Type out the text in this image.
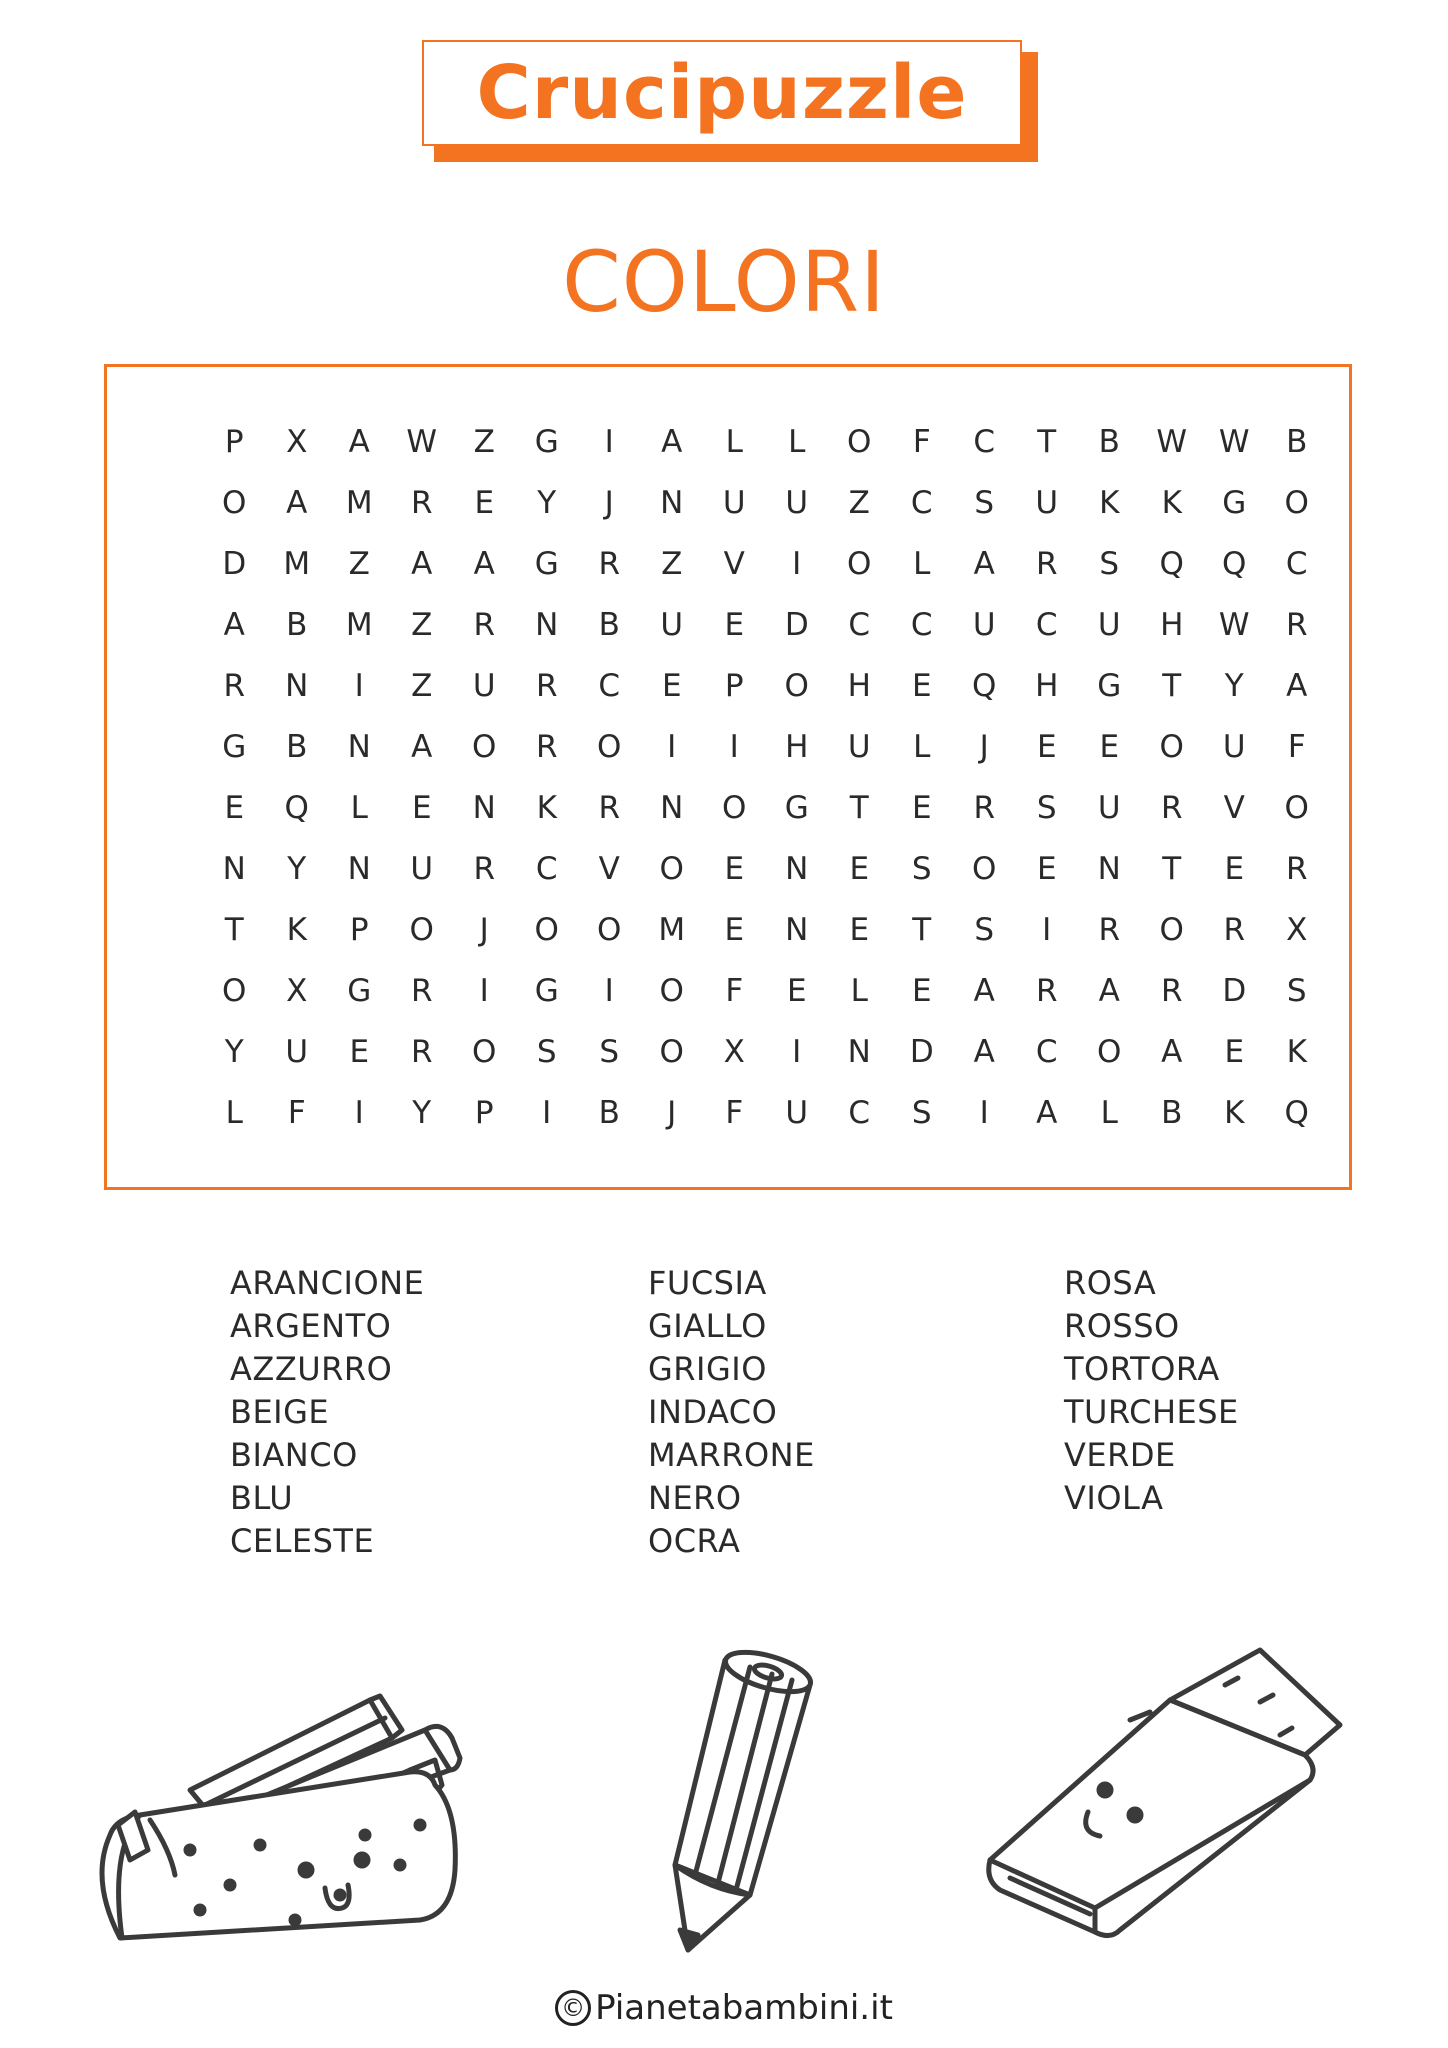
Crucipuzzle
COLORI
P	X	A	W	Z	G	I	A	L	L	O	F	C	T	B	W	W	B
O	A	M	R	E	Y	J	N	U	U	Z	C	S	U	K	K	G	O
D	M	Z	A	A	G	R	Z	V	I	O	L	A	R	S	Q	Q	C
A	B	M	Z	R	N	B	U	E	D	C	C	U	C	U	H	W	R
R	N	I	Z	U	R	C	E	P	O	H	E	Q	H	G	T	Y	A
G	B	N	A	O	R	O	I	I	H	U	L	J	E	E	O	U	F
E	Q	L	E	N	K	R	N	O	G	T	E	R	S	U	R	V	O
N	Y	N	U	R	C	V	O	E	N	E	S	O	E	N	T	E	R
T	K	P	O	J	O	O	M	E	N	E	T	S	I	R	O	R	X
O	X	G	R	I	G	I	O	F	E	L	E	A	R	A	R	D	S
Y	U	E	R	O	S	S	O	X	I	N	D	A	C	O	A	E	K
L	F	I	Y	P	I	B	J	F	U	C	S	I	A	L	B	K	Q
ARANCIONE
ARGENTO
AZZURRO
BEIGE
BIANCO
BLU
CELESTE
FUCSIA
GIALLO
GRIGIO
INDACO
MARRONE
NERO
OCRA
ROSA
ROSSO
TORTORA
TURCHESE
VERDE
VIOLA
© Pianetabambini.it
